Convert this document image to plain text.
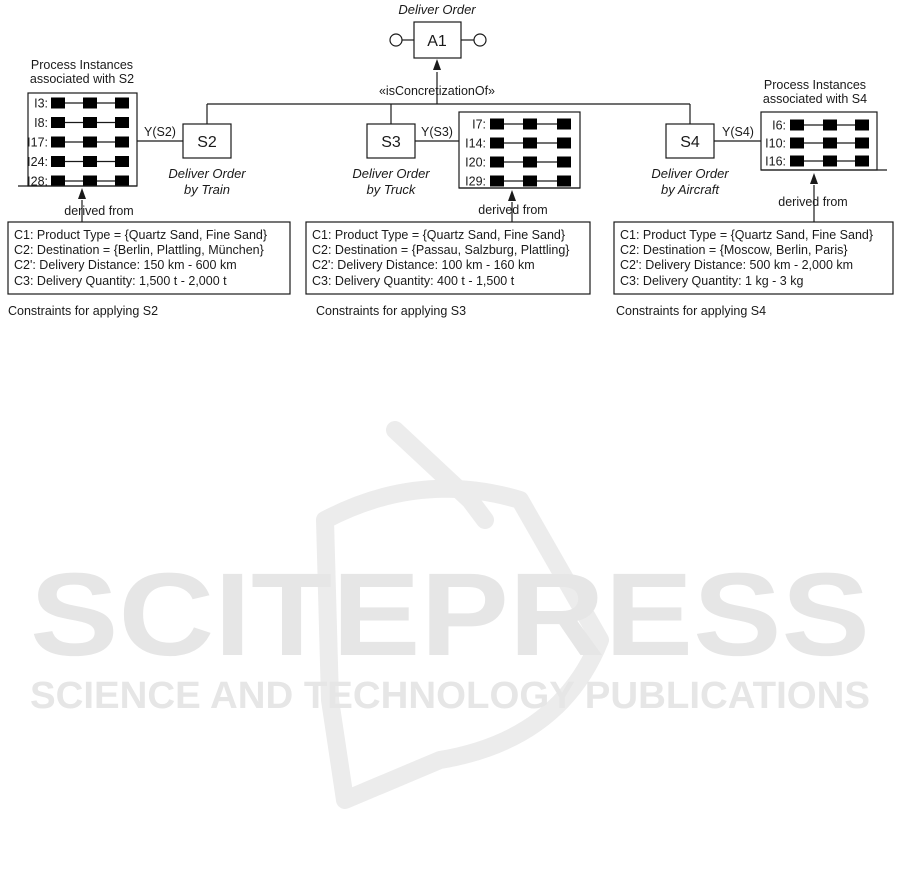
SCITEPRESS
SCIENCE AND TECHNOLOGY PUBLICATIONS
Deliver Order
A1
«isConcretizationOf»
S2
Deliver Order
by Train
Y(S2)
Process Instances
associated with S2
I3:
I8:
I17:
I24:
I28:
derived from
C1: Product Type = {Quartz Sand, Fine Sand}
C2: Destination = {Berlin, Plattling, München}
C2': Delivery Distance: 150 km - 600 km
C3: Delivery Quantity: 1,500 t - 2,000 t
Constraints for applying S2
S3
Deliver Order
by Truck
Y(S3)
I7:
I14:
I20:
I29:
derived from
C1: Product Type = {Quartz Sand, Fine Sand}
C2: Destination = {Passau, Salzburg, Plattling}
C2': Delivery Distance: 100 km - 160 km
C3: Delivery Quantity: 400 t - 1,500 t
Constraints for applying S3
S4
Deliver Order
by Aircraft
Y(S4)
Process Instances
associated with S4
I6:
I10:
I16:
derived from
C1: Product Type = {Quartz Sand, Fine Sand}
C2: Destination = {Moscow, Berlin, Paris}
C2': Delivery Distance: 500 km - 2,000 km
C3: Delivery Quantity: 1 kg - 3 kg
Constraints for applying S4
